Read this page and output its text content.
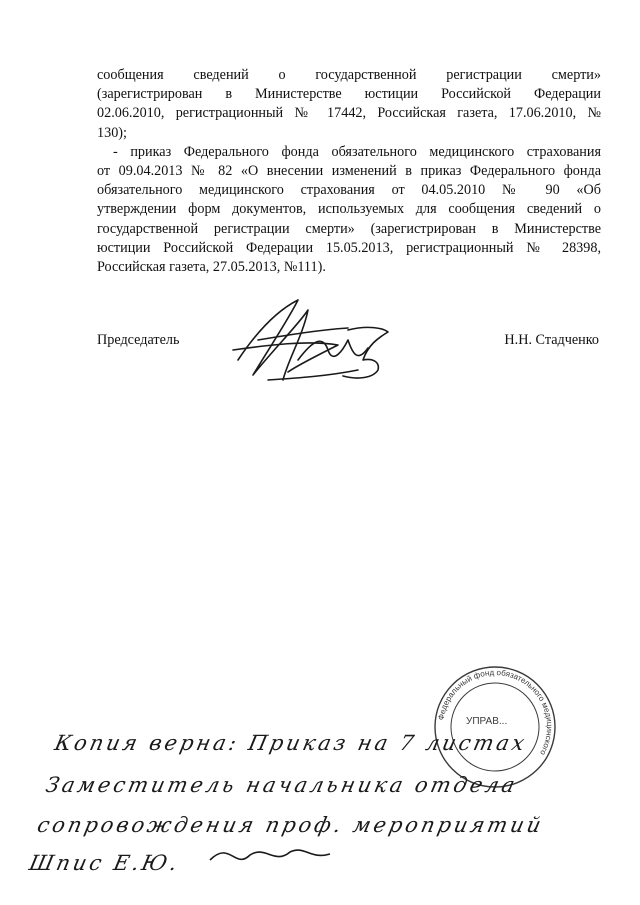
сообщения сведений о государственной регистрации смерти»
(зарегистрирован в Министерстве юстиции Российской Федерации
02.06.2010, регистрационный № 17442, Российская газета, 17.06.2010, №
130);
- приказ Федерального фонда обязательного медицинского страхования
от 09.04.2013 № 82 «О внесении изменений в приказ Федерального фонда
обязательного медицинского страхования от 04.05.2010 № 90 «Об
утверждении форм документов, используемых для сообщения сведений о
государственной регистрации смерти» (зарегистрирован в Министерстве
юстиции Российской Федерации 15.05.2013, регистрационный № 28398,
Российская газета, 27.05.2013, №111).
Председатель	Н.Н. Стадченко
Федеральный фонд обязательного медицинского
УПРАВ...
Копия верна: Приказ на 7 листах
Заместитель начальника отдела
сопровождения проф. мероприятий
Шпис Е.Ю.
